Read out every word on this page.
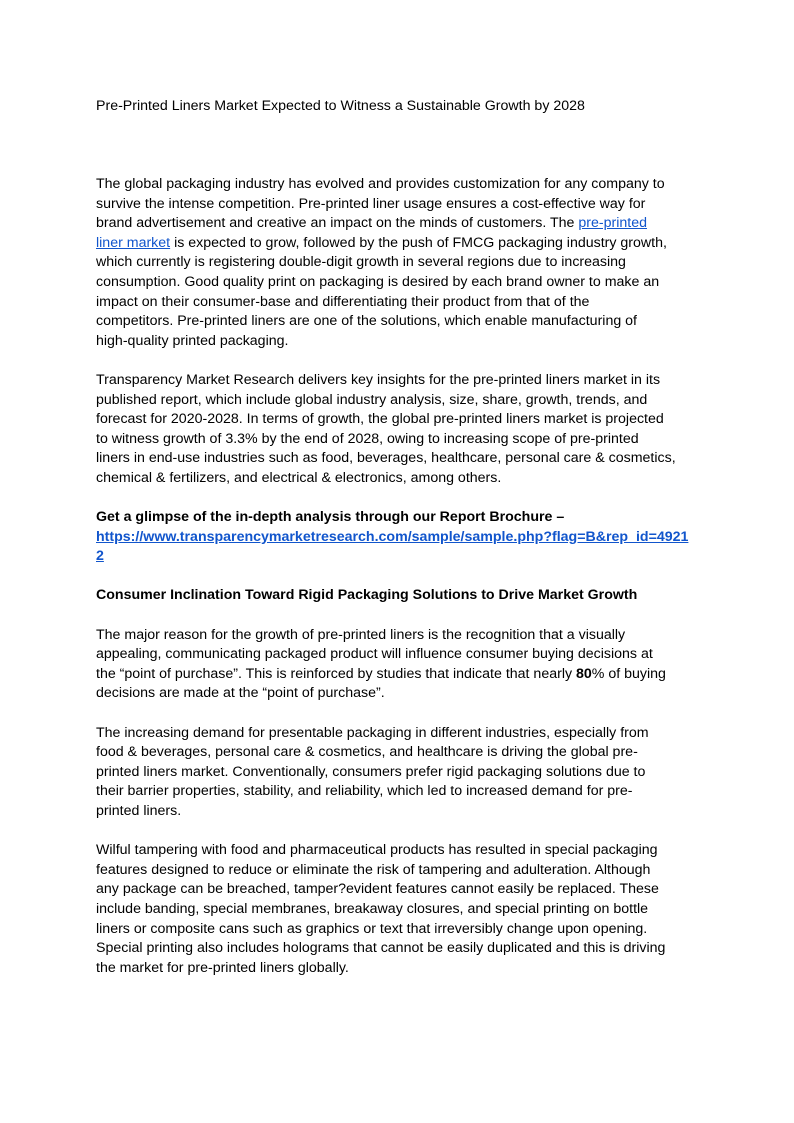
Pre-Printed Liners Market Expected to Witness a Sustainable Growth by 2028
The global packaging industry has evolved and provides customization for any company to
survive the intense competition. Pre-printed liner usage ensures a cost-effective way for
brand advertisement and creative an impact on the minds of customers. The pre-printed
liner market is expected to grow, followed by the push of FMCG packaging industry growth,
which currently is registering double-digit growth in several regions due to increasing
consumption. Good quality print on packaging is desired by each brand owner to make an
impact on their consumer-base and differentiating their product from that of the
competitors. Pre-printed liners are one of the solutions, which enable manufacturing of
high-quality printed packaging.
Transparency Market Research delivers key insights for the pre-printed liners market in its
published report, which include global industry analysis, size, share, growth, trends, and
forecast for 2020-2028. In terms of growth, the global pre-printed liners market is projected
to witness growth of 3.3% by the end of 2028, owing to increasing scope of pre-printed
liners in end-use industries such as food, beverages, healthcare, personal care & cosmetics,
chemical & fertilizers, and electrical & electronics, among others.
Get a glimpse of the in-depth analysis through our Report Brochure –
https://www.transparencymarketresearch.com/sample/sample.php?flag=B&rep_id=4921
2
Consumer Inclination Toward Rigid Packaging Solutions to Drive Market Growth
The major reason for the growth of pre-printed liners is the recognition that a visually
appealing, communicating packaged product will influence consumer buying decisions at
the “point of purchase”. This is reinforced by studies that indicate that nearly 80% of buying
decisions are made at the “point of purchase”.
The increasing demand for presentable packaging in different industries, especially from
food & beverages, personal care & cosmetics, and healthcare is driving the global pre-
printed liners market. Conventionally, consumers prefer rigid packaging solutions due to
their barrier properties, stability, and reliability, which led to increased demand for pre-
printed liners.
Wilful tampering with food and pharmaceutical products has resulted in special packaging
features designed to reduce or eliminate the risk of tampering and adulteration. Although
any package can be breached, tamper?evident features cannot easily be replaced. These
include banding, special membranes, breakaway closures, and special printing on bottle
liners or composite cans such as graphics or text that irreversibly change upon opening.
Special printing also includes holograms that cannot be easily duplicated and this is driving
the market for pre-printed liners globally.
